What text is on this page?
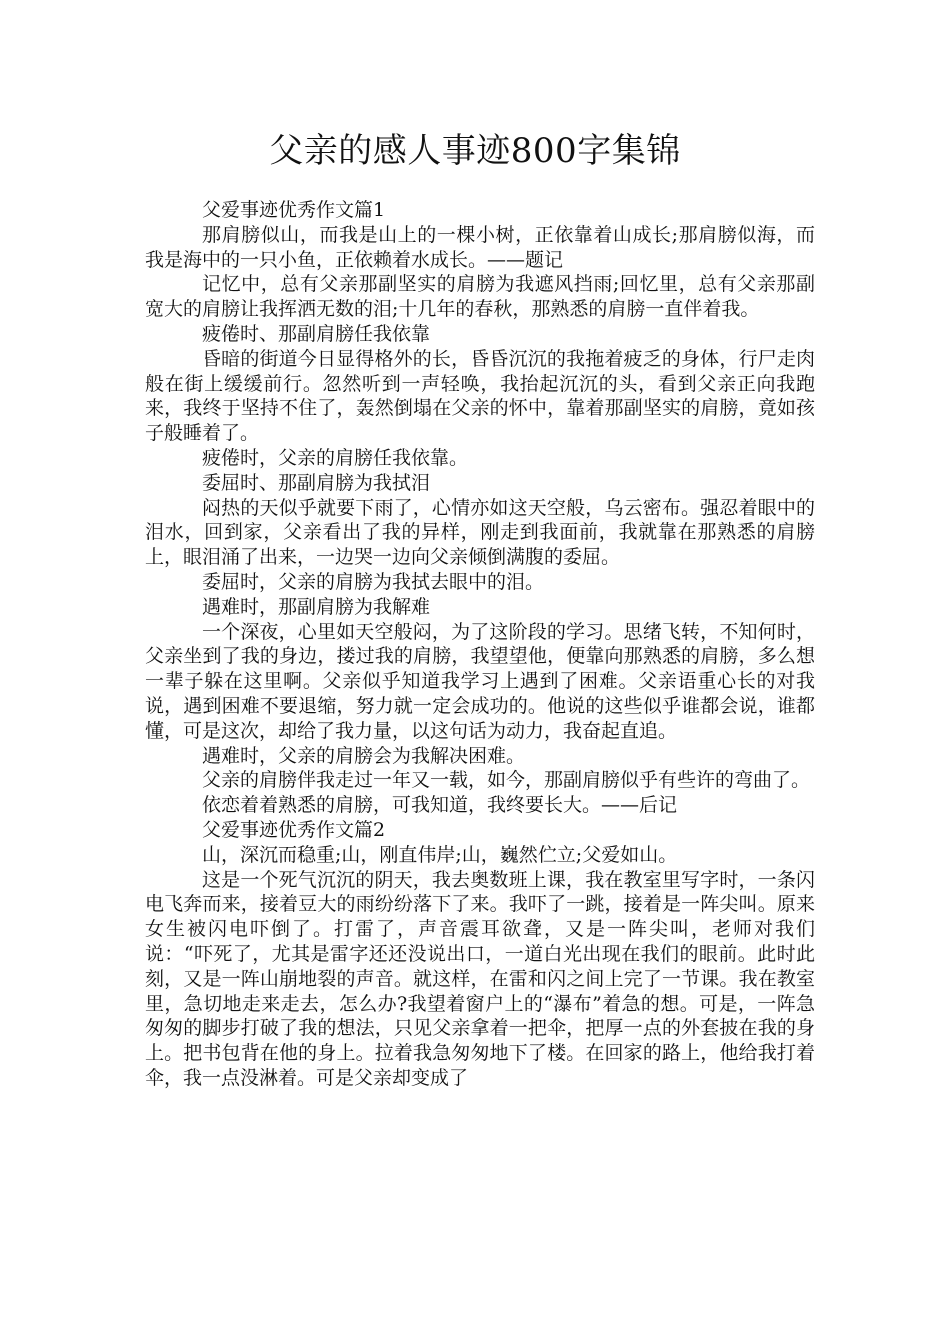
父亲的感人事迹800字集锦

父爱事迹优秀作文篇1

那肩膀似山，而我是山上的一棵小树，正依靠着山成长;那肩膀似海，而我是海中的一只小鱼，正依赖着水成长。——题记

记忆中，总有父亲那副坚实的肩膀为我遮风挡雨;回忆里，总有父亲那副宽大的肩膀让我挥洒无数的泪;十几年的春秋，那熟悉的肩膀一直伴着我。

疲倦时、那副肩膀任我依靠

昏暗的街道今日显得格外的长，昏昏沉沉的我拖着疲乏的身体，行尸走肉般在街上缓缓前行。忽然听到一声轻唤，我抬起沉沉的头，看到父亲正向我跑来，我终于坚持不住了，轰然倒塌在父亲的怀中，靠着那副坚实的肩膀，竟如孩子般睡着了。

疲倦时，父亲的肩膀任我依靠。

委屈时、那副肩膀为我拭泪

闷热的天似乎就要下雨了，心情亦如这天空般，乌云密布。强忍着眼中的泪水，回到家，父亲看出了我的异样，刚走到我面前，我就靠在那熟悉的肩膀上，眼泪涌了出来，一边哭一边向父亲倾倒满腹的委屈。

委屈时，父亲的肩膀为我拭去眼中的泪。

遇难时，那副肩膀为我解难

一个深夜，心里如天空般闷，为了这阶段的学习。思绪飞转，不知何时，父亲坐到了我的身边，搂过我的肩膀，我望望他，便靠向那熟悉的肩膀，多么想一辈子躲在这里啊。父亲似乎知道我学习上遇到了困难。父亲语重心长的对我说，遇到困难不要退缩，努力就一定会成功的。他说的这些似乎谁都会说，谁都懂，可是这次，却给了我力量，以这句话为动力，我奋起直追。

遇难时，父亲的肩膀会为我解决困难。

父亲的肩膀伴我走过一年又一载，如今，那副肩膀似乎有些许的弯曲了。

依恋着着熟悉的肩膀，可我知道，我终要长大。——后记

父爱事迹优秀作文篇2

山，深沉而稳重;山，刚直伟岸;山，巍然伫立;父爱如山。

这是一个死气沉沉的阴天，我去奥数班上课，我在教室里写字时，一条闪电飞奔而来，接着豆大的雨纷纷落下了来。我吓了一跳，接着是一阵尖叫。原来女生被闪电吓倒了。打雷了，声音震耳欲聋，又是一阵尖叫，老师对我们说：“吓死了，尤其是雷字还还没说出口，一道白光出现在我们的眼前。此时此刻，又是一阵山崩地裂的声音。就这样，在雷和闪之间上完了一节课。我在教室里，急切地走来走去，怎么办?我望着窗户上的“瀑布”着急的想。可是，一阵急匆匆的脚步打破了我的想法，只见父亲拿着一把伞，把厚一点的外套披在我的身上。把书包背在他的身上。拉着我急匆匆地下了楼。在回家的路上，他给我打着伞，我一点没淋着。可是父亲却变成了
